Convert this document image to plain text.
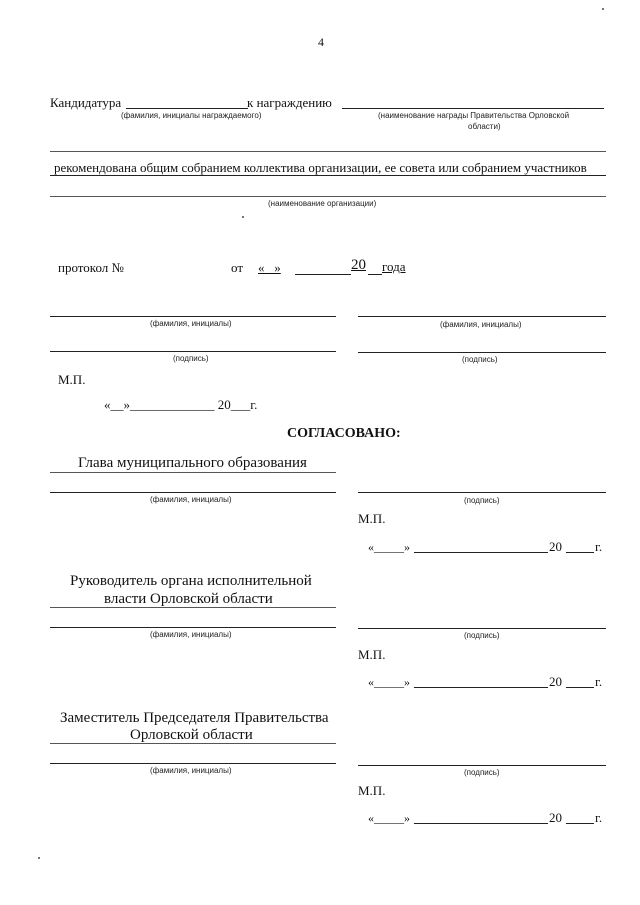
4
Кандидатура	к награждению
(фамилия, инициалы награждаемого)	(наименование награды Правительства Орловской
области)
рекомендована общим собранием коллектива организации, ее совета или собранием участников
(наименование организации)
протокол №	от «   »	20 года
(фамилия, инициалы)	(фамилия, инициалы)
(подпись)	(подпись)
М.П.
«__»_____________ 20___г.
СОГЛАСОВАНО:
Глава муниципального образования
(фамилия, инициалы)	(подпись)
М.П.
«_____»	20	г.
Руководитель органа исполнительной
власти Орловской области
(фамилия, инициалы)	(подпись)
М.П.
«_____»	20	г.
Заместитель Председателя Правительства
Орловской области
(фамилия, инициалы)	(подпись)
М.П.
«_____»	20	г.
